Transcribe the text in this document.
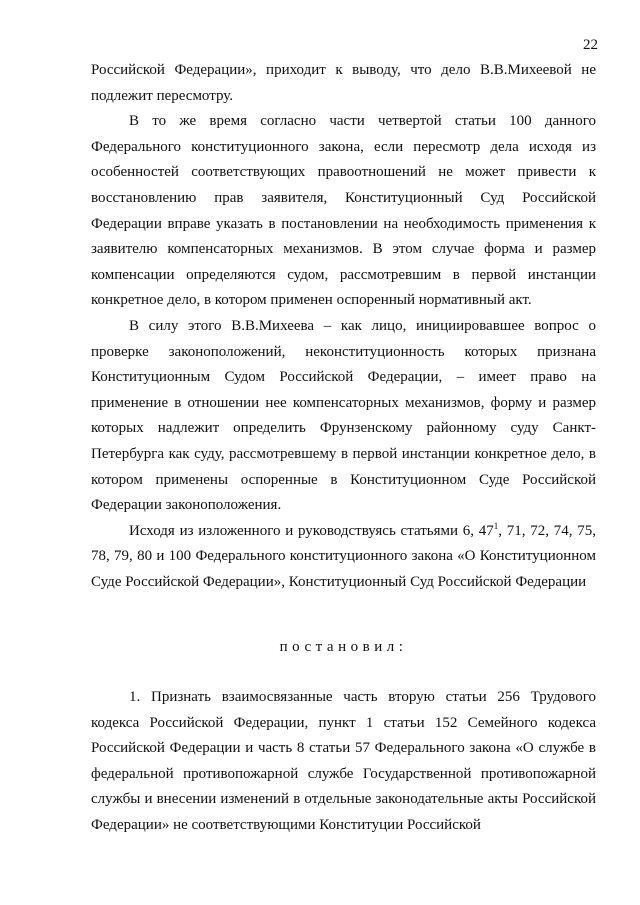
22

Российской Федерации», приходит к выводу, что дело В.В.Михеевой не подлежит пересмотру.

В то же время согласно части четвертой статьи 100 данного Федерального конституционного закона, если пересмотр дела исходя из особенностей соответствующих правоотношений не может привести к восстановлению прав заявителя, Конституционный Суд Российской Федерации вправе указать в постановлении на необходимость применения к заявителю компенсаторных механизмов. В этом случае форма и размер компенсации определяются судом, рассмотревшим в первой инстанции конкретное дело, в котором применен оспоренный нормативный акт.

В силу этого В.В.Михеева – как лицо, инициировавшее вопрос о проверке законоположений, неконституционность которых признана Конституционным Судом Российской Федерации, – имеет право на применение в отношении нее компенсаторных механизмов, форму и размер которых надлежит определить Фрунзенскому районному суду Санкт-Петербурга как суду, рассмотревшему в первой инстанции конкретное дело, в котором применены оспоренные в Конституционном Суде Российской Федерации законоположения.

Исходя из изложенного и руководствуясь статьями 6, $47^1$, 71, 72, 74, 75, 78, 79, 80 и 100 Федерального конституционного закона «О Конституционном Суде Российской Федерации», Конституционный Суд Российской Федерации

постановил:

1. Признать взаимосвязанные часть вторую статьи 256 Трудового кодекса Российской Федерации, пункт 1 статьи 152 Семейного кодекса Российской Федерации и часть 8 статьи 57 Федерального закона «О службе в федеральной противопожарной службе Государственной противопожарной службы и внесении изменений в отдельные законодательные акты Российской Федерации» не соответствующими Конституции Российской
